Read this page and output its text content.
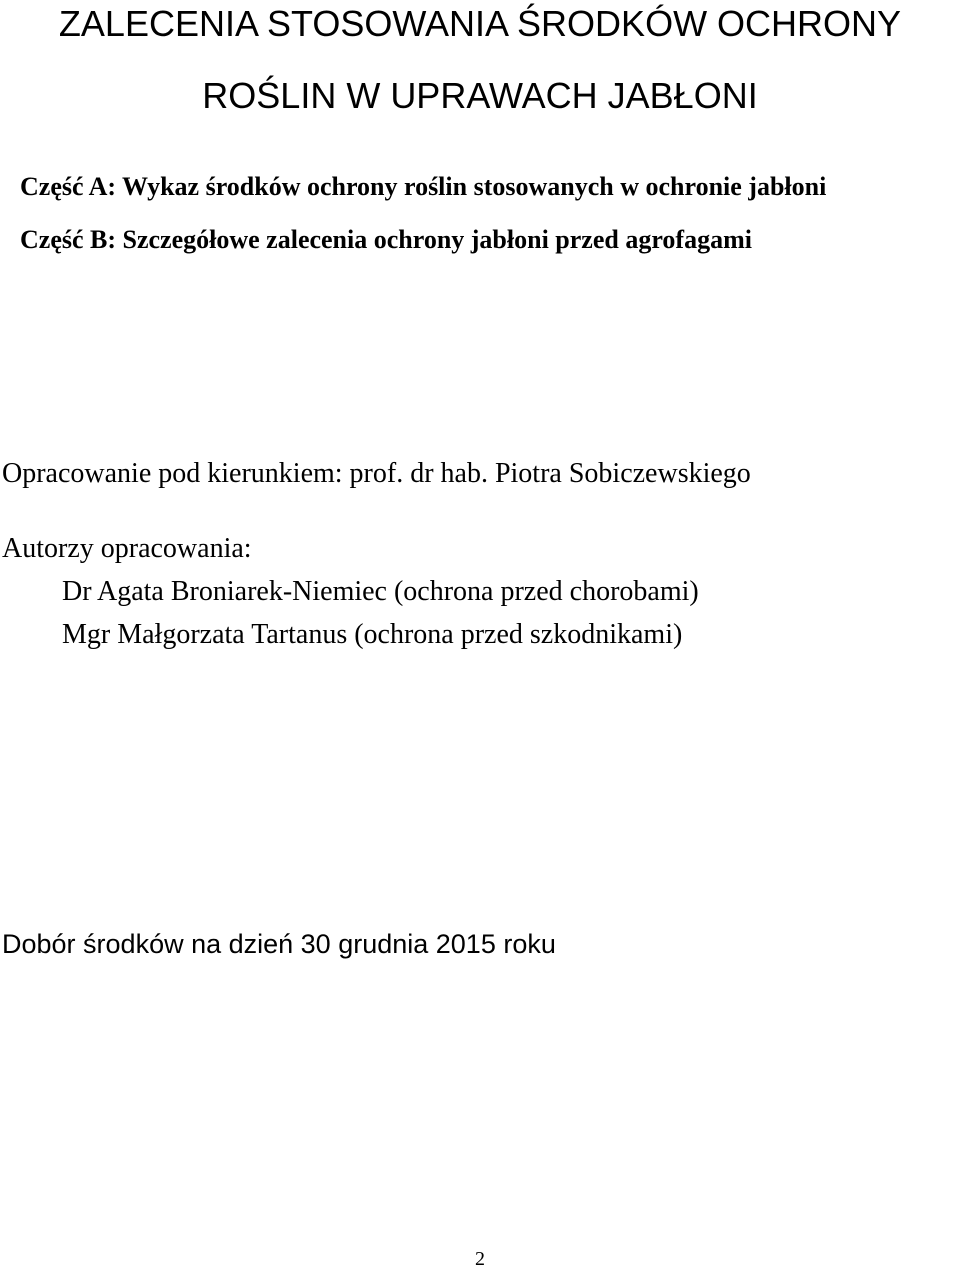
ZALECENIA STOSOWANIA ŚRODKÓW OCHRONY
ROŚLIN W UPRAWACH JABŁONI
Część A: Wykaz środków ochrony roślin stosowanych w ochronie jabłoni
Część B: Szczegółowe zalecenia ochrony jabłoni przed agrofagami
Opracowanie pod kierunkiem: prof. dr hab. Piotra Sobiczewskiego
Autorzy opracowania:
Dr Agata Broniarek-Niemiec (ochrona przed chorobami)
Mgr Małgorzata Tartanus (ochrona przed szkodnikami)
Dobór środków na dzień 30 grudnia 2015 roku
2
